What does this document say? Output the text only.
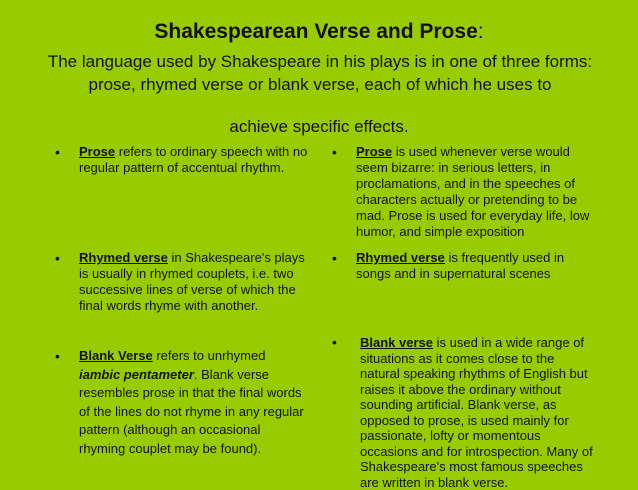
Shakespearean Verse and Prose:
The language used by Shakespeare in his plays is in one of three forms: prose, rhymed verse or blank verse, each of which he uses to
achieve specific effects.
•	Prose refers to ordinary speech with no regular pattern of accentual rhythm.
•	Rhymed verse in Shakespeare's plays is usually in rhymed couplets, i.e. two successive lines of verse of which the final words rhyme with another.
•	Blank Verse refers to unrhymed iambic pentameter. Blank verse resembles prose in that the final words of the lines do not rhyme in any regular pattern (although an occasional rhyming couplet may be found).
•	Prose is used whenever verse would seem bizarre: in serious letters, in proclamations, and in the speeches of characters actually or pretending to be mad. Prose is used for everyday life, low humor, and simple exposition
•	Rhymed verse is frequently used in songs and in supernatural scenes
•	Blank verse is used in a wide range of situations as it comes close to the natural speaking rhythms of English but raises it above the ordinary without sounding artificial. Blank verse, as opposed to prose, is used mainly for passionate, lofty or momentous occasions and for introspection. Many of Shakespeare's most famous speeches are written in blank verse.
